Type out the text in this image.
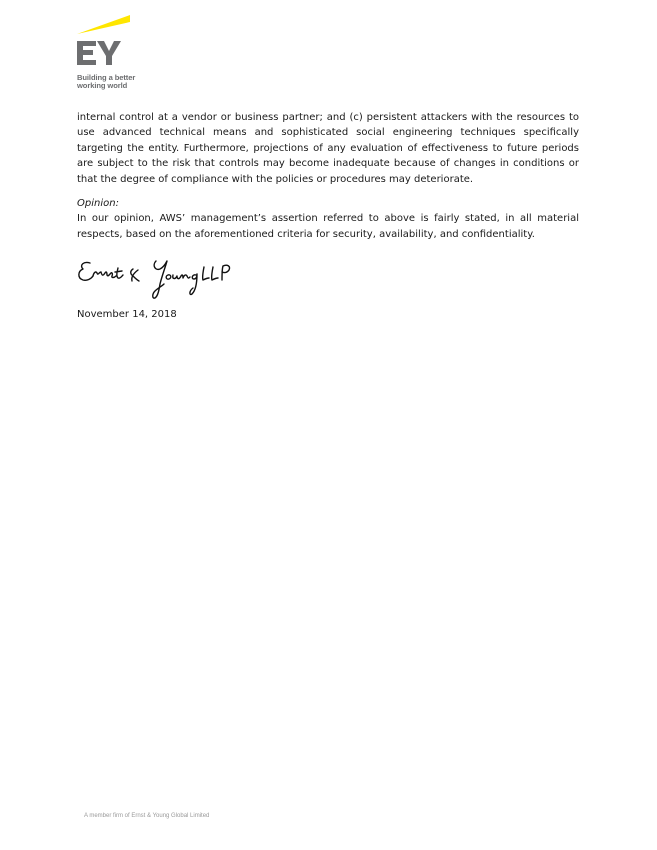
Building a better
working world

internal control at a vendor or business partner; and (c) persistent attackers with the resources to use advanced technical means and sophisticated social engineering techniques specifically targeting the entity. Furthermore, projections of any evaluation of effectiveness to future periods are subject to the risk that controls may become inadequate because of changes in conditions or that the degree of compliance with the policies or procedures may deteriorate.

Opinion:

In our opinion, AWS’ management’s assertion referred to above is fairly stated, in all material respects, based on the aforementioned criteria for security, availability, and confidentiality.

November 14, 2018
A member firm of Ernst & Young Global Limited
